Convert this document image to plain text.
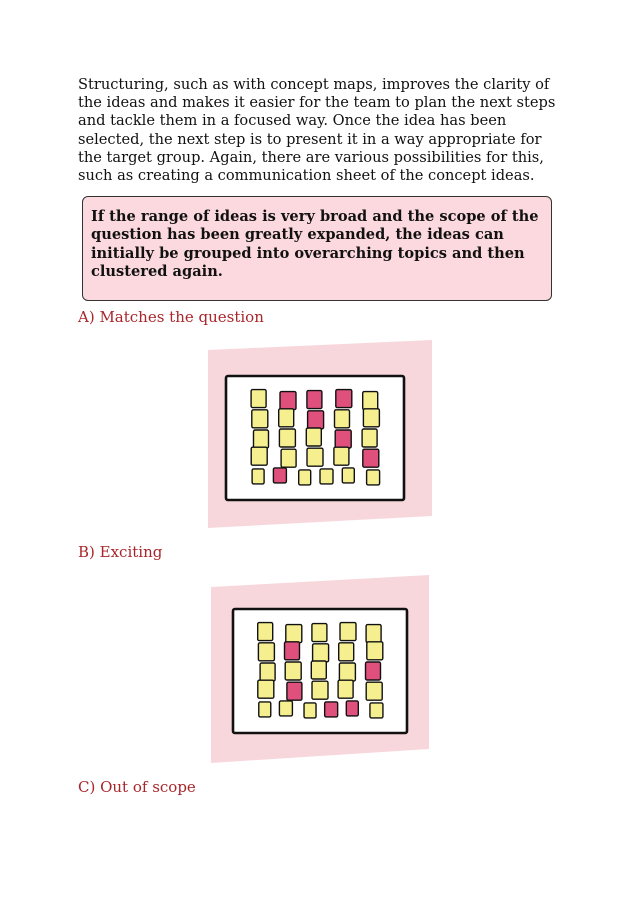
Structuring, such as with concept maps, improves the clarity of the ideas and makes it easier for the team to plan the next steps and tackle them in a focused way. Once the idea has been selected, the next step is to present it in a way appropriate for the target group. Again, there are various possibilities for this, such as creating a communication sheet of the concept ideas.
If the range of ideas is very broad and the scope of the question has been greatly expanded, the ideas can initially be grouped into overarching topics and then clustered again.
A) Matches the question
B) Exciting
C) Out of scope
